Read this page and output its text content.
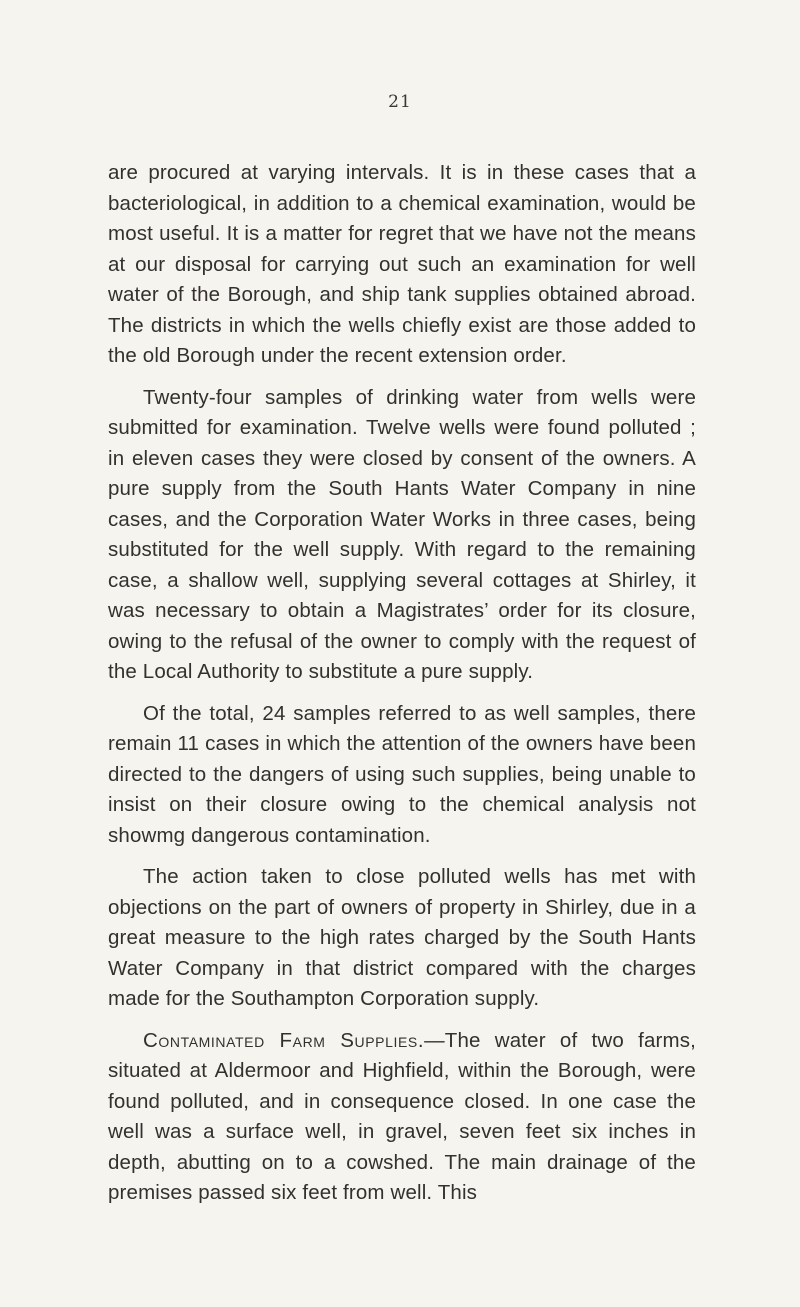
21

are procured at varying intervals. It is in these cases that a bacteriological, in addition to a chemical examination, would be most useful. It is a matter for regret that we have not the means at our disposal for carrying out such an examination for well water of the Borough, and ship tank supplies obtained abroad. The districts in which the wells chiefly exist are those added to the old Borough under the recent extension order.

Twenty-four samples of drinking water from wells were submitted for examination. Twelve wells were found polluted ; in eleven cases they were closed by consent of the owners. A pure supply from the South Hants Water Company in nine cases, and the Corporation Water Works in three cases, being substituted for the well supply. With regard to the remaining case, a shallow well, supplying several cottages at Shirley, it was necessary to obtain a Magistrates’ order for its closure, owing to the refusal of the owner to comply with the request of the Local Authority to substitute a pure supply.

Of the total, 24 samples referred to as well samples, there remain 11 cases in which the attention of the owners have been directed to the dangers of using such supplies, being unable to insist on their closure owing to the chemical analysis not showmg dangerous contamination.

The action taken to close polluted wells has met with objections on the part of owners of property in Shirley, due in a great measure to the high rates charged by the South Hants Water Company in that district compared with the charges made for the Southampton Corporation supply.

Contaminated Farm Supplies.—The water of two farms, situated at Aldermoor and Highfield, within the Borough, were found polluted, and in consequence closed. In one case the well was a surface well, in gravel, seven feet six inches in depth, abutting on to a cowshed. The main drainage of the premises passed six feet from well. This
